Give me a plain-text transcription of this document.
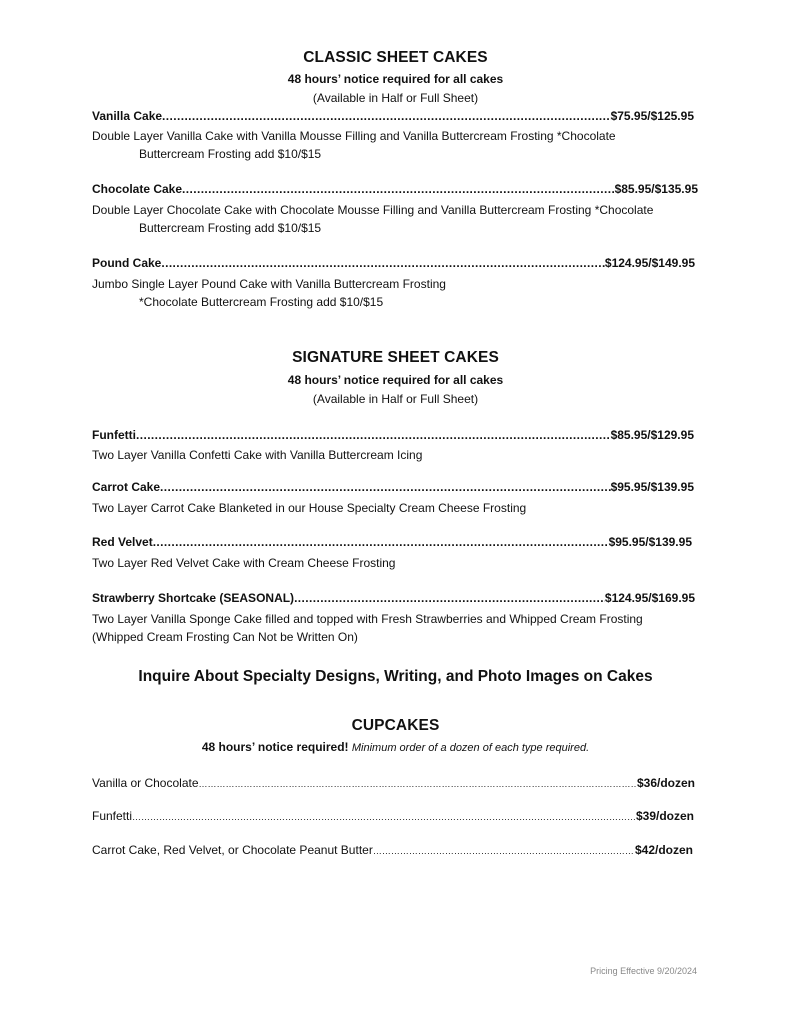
CLASSIC SHEET CAKES
48 hours’ notice required for all cakes
(Available in Half or Full Sheet)
Vanilla Cake .....	$75.95/$125.95
Double Layer Vanilla Cake with Vanilla Mousse Filling and Vanilla Buttercream Frosting *Chocolate
Buttercream Frosting add $10/$15
Chocolate Cake .....	$85.95/$135.95
Double Layer Chocolate Cake with Chocolate Mousse Filling and Vanilla Buttercream Frosting *Chocolate
Buttercream Frosting add $10/$15
Pound Cake .....	$124.95/$149.95
Jumbo Single Layer Pound Cake with Vanilla Buttercream Frosting
*Chocolate Buttercream Frosting add $10/$15
SIGNATURE SHEET CAKES
48 hours’ notice required for all cakes
(Available in Half or Full Sheet)
Funfetti .....	$85.95/$129.95
Two Layer Vanilla Confetti Cake with Vanilla Buttercream Icing
Carrot Cake .....	$95.95/$139.95
Two Layer Carrot Cake Blanketed in our House Specialty Cream Cheese Frosting
Red Velvet .....	$95.95/$139.95
Two Layer Red Velvet Cake with Cream Cheese Frosting
Strawberry Shortcake (SEASONAL) .....	$124.95/$169.95
Two Layer Vanilla Sponge Cake filled and topped with Fresh Strawberries and Whipped Cream Frosting
(Whipped Cream Frosting Can Not be Written On)
Inquire About Specialty Designs, Writing, and Photo Images on Cakes
CUPCAKES
48 hours’ notice required! Minimum order of a dozen of each type required.
Vanilla or Chocolate ……………………………………………………………………………………………………………………………………………………………………………………………………………………………	$36/dozen
Funfetti ……………………………………………………………………………………………………………………………………………………………………………………………………………………………	$39/dozen
Carrot Cake, Red Velvet, or Chocolate Peanut Butter ……………………………………………………………………………………………………………………………………………………………………………………………………………………………	$42/dozen
Pricing Effective 9/20/2024
